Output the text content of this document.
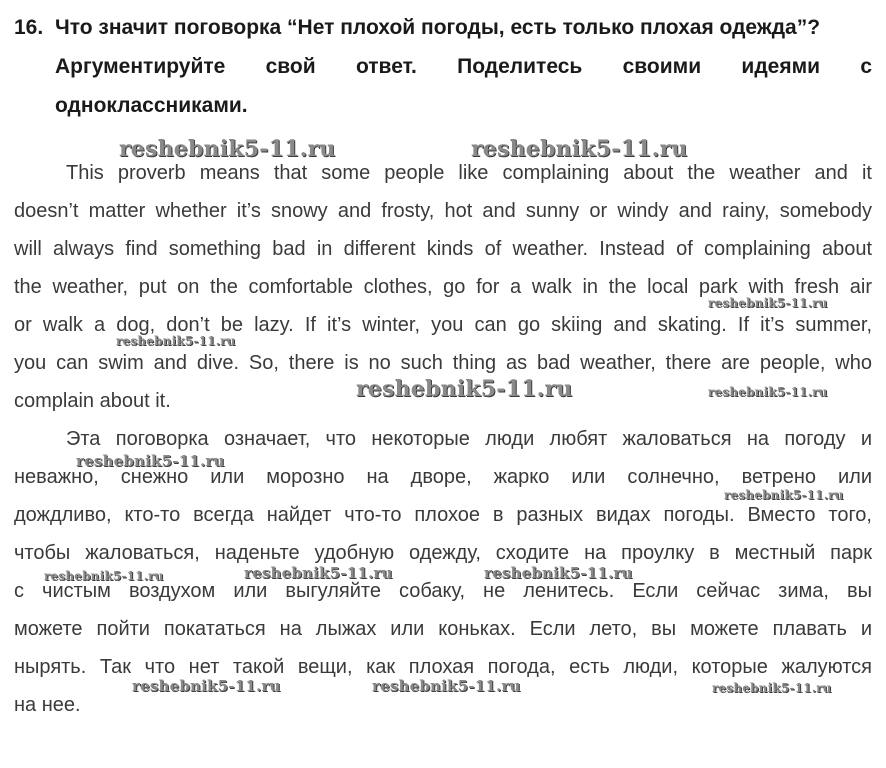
16. Что значит поговорка “Нет плохой погоды, есть только плохая одежда”?
Аргументируйте свой ответ. Поделитесь своими идеями с
одноклассниками.
This proverb means that some people like complaining about the weather and it
doesn’t matter whether it’s snowy and frosty, hot and sunny or windy and rainy, somebody
will always find something bad in different kinds of weather. Instead of complaining about
the weather, put on the comfortable clothes, go for a walk in the local park with fresh air
or walk a dog, don’t be lazy. If it’s winter, you can go skiing and skating. If it’s summer,
you can swim and dive. So, there is no such thing as bad weather, there are people, who
complain about it.
Эта поговорка означает, что некоторые люди любят жаловаться на погоду и
неважно, снежно или морозно на дворе, жарко или солнечно, ветрено или
дождливо, кто-то всегда найдет что-то плохое в разных видах погоды. Вместо того,
чтобы жаловаться, наденьте удобную одежду, сходите на проулку в местный парк
с чистым воздухом или выгуляйте собаку, не ленитесь. Если сейчас зима, вы
можете пойти покататься на лыжах или коньках. Если лето, вы можете плавать и
нырять. Так что нет такой вещи, как плохая погода, есть люди, которые жалуются
на нее.
reshebnik5-11.ru	reshebnik5-11.ru
reshebnik5-11.ru
reshebnik5-11.ru
reshebnik5-11.ru	reshebnik5-11.ru
reshebnik5-11.ru
reshebnik5-11.ru
reshebnik5-11.ru	reshebnik5-11.ru	reshebnik5-11.ru
reshebnik5-11.ru	reshebnik5-11.ru	reshebnik5-11.ru
